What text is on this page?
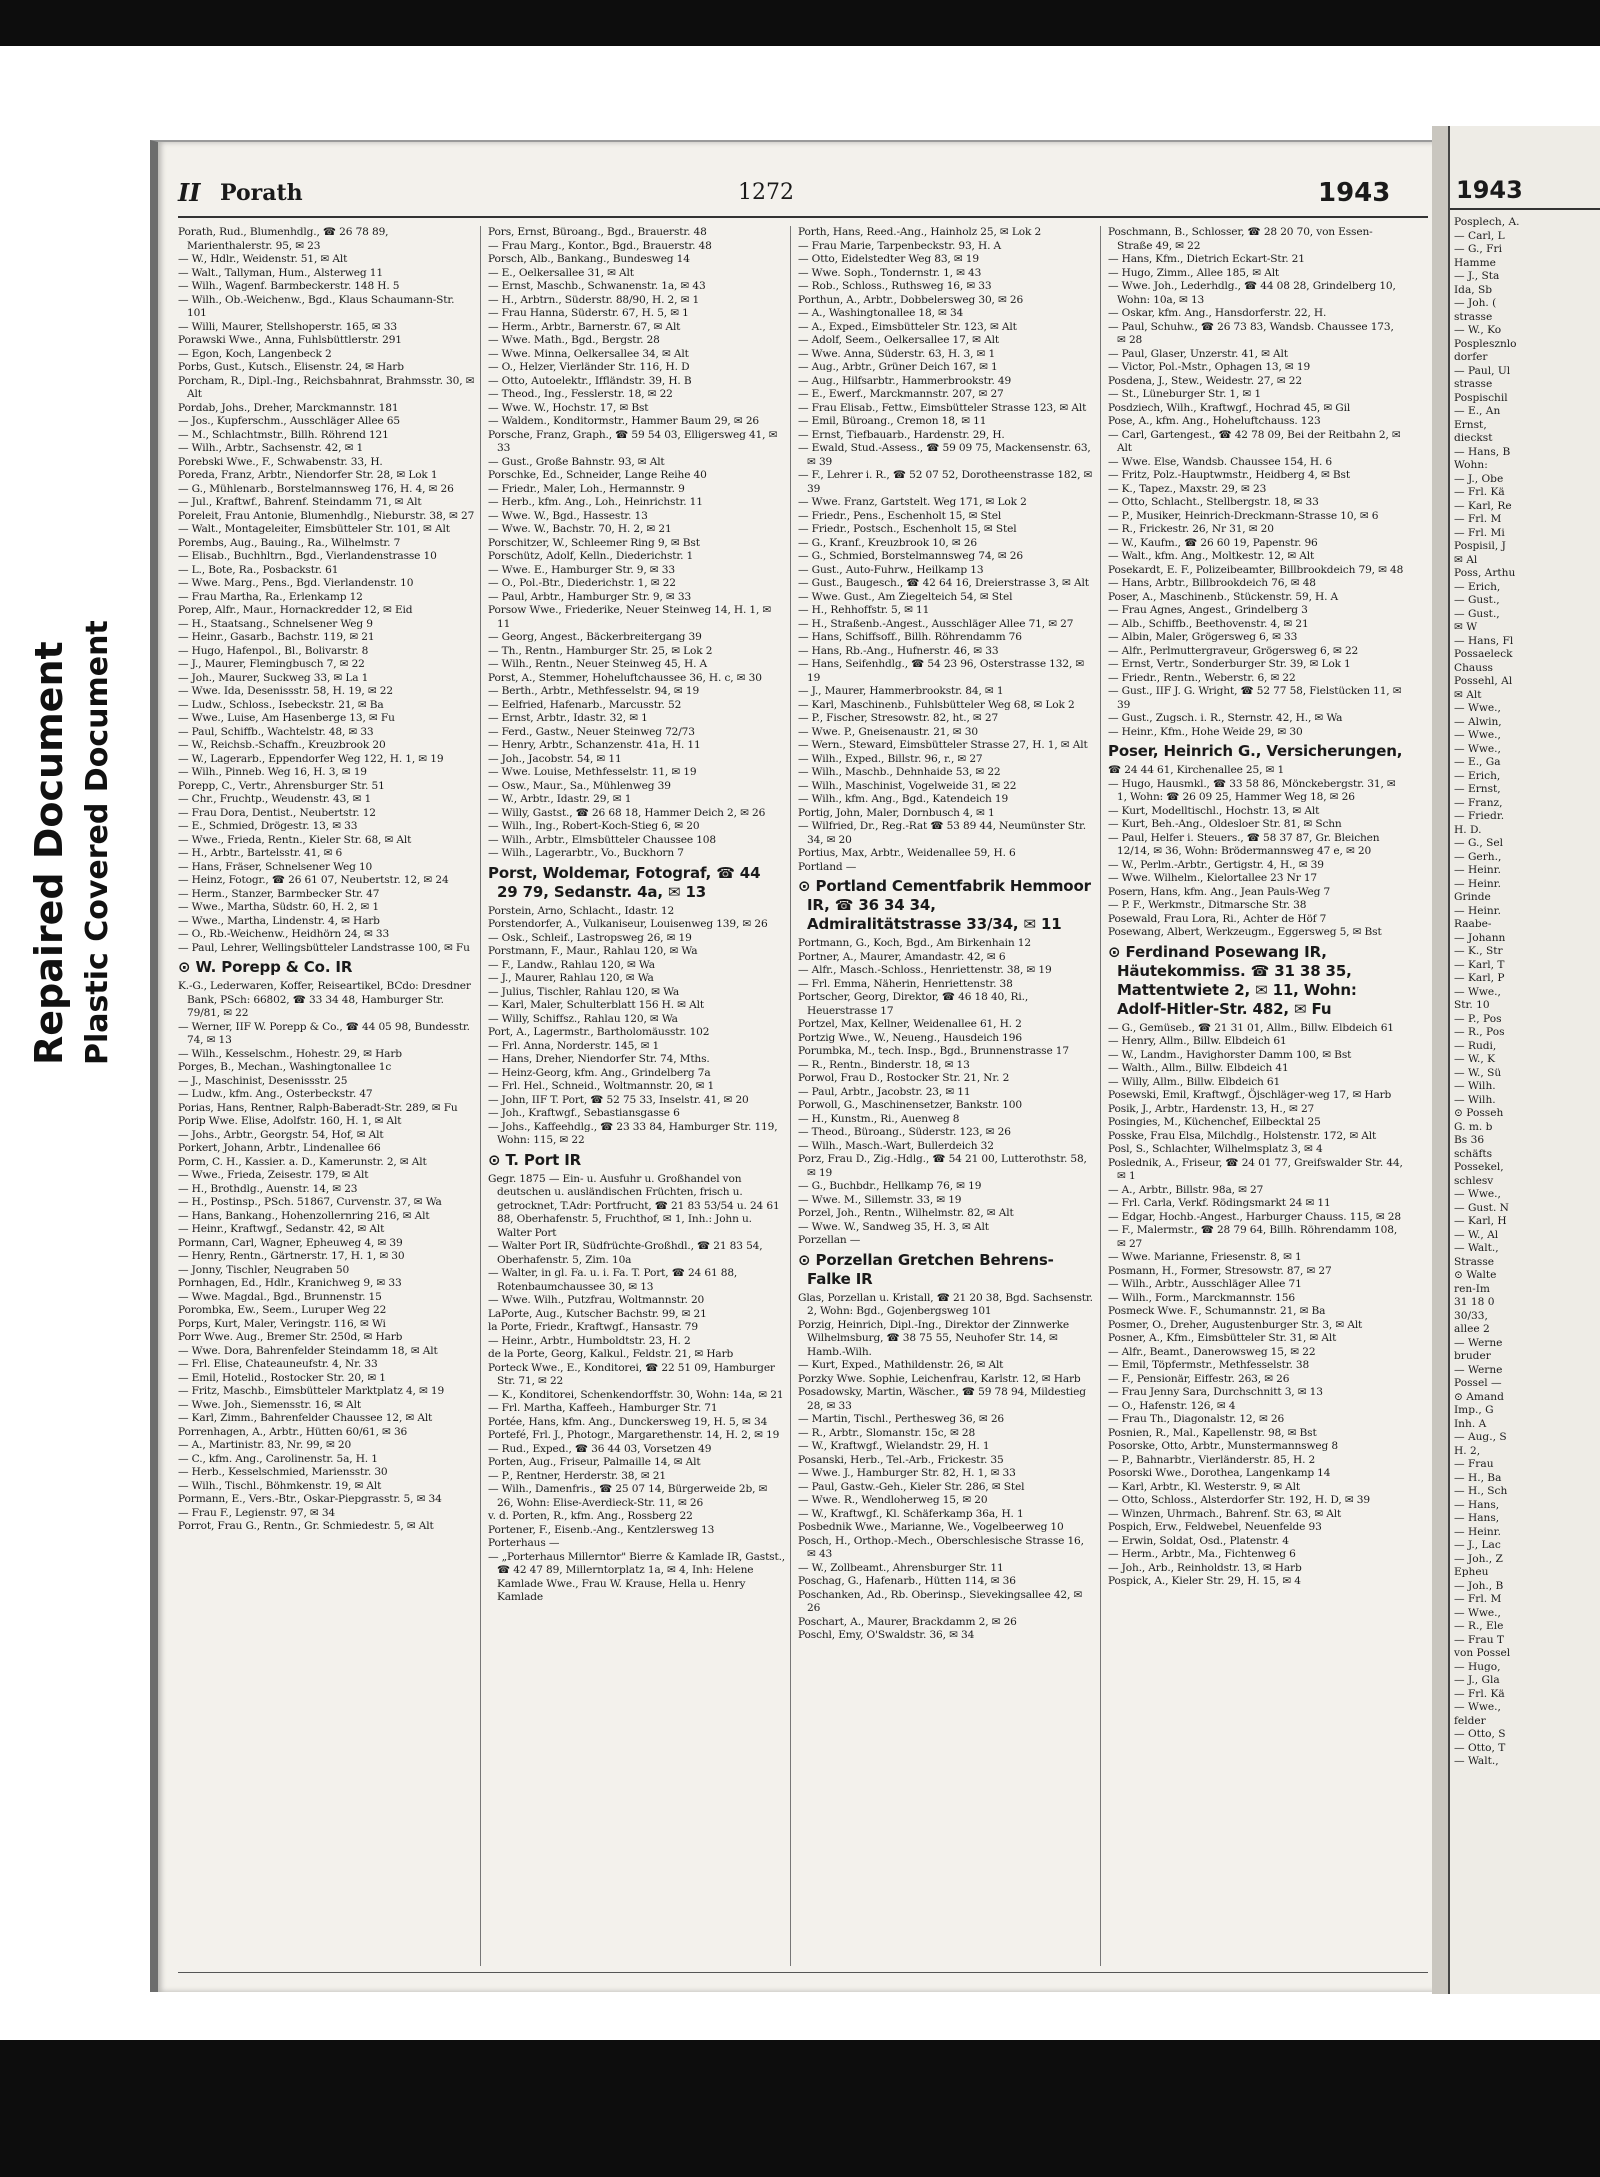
Repaired Document Plastic Covered Document
II Porath	1272	1943

Porath, Rud., Blumenhdlg., ☎ 26 78 89, Marienthalerstr. 95, ✉ 23

— W., Hdlr., Weidenstr. 51, ✉ Alt

— Walt., Tallyman, Hum., Alsterweg 11

— Wilh., Wagenf. Barmbeckerstr. 148 H. 5

— Wilh., Ob.-Weichenw., Bgd., Klaus Schaumann-Str. 101

— Willi, Maurer, Stellshoperstr. 165, ✉ 33

Porawski Wwe., Anna, Fuhlsbüttlerstr. 291

— Egon, Koch, Langenbeck 2

Porbs, Gust., Kutsch., Elisenstr. 24, ✉ Harb

Porcham, R., Dipl.-Ing., Reichsbahnrat, Brahmsstr. 30, ✉ Alt

Pordab, Johs., Dreher, Marckmannstr. 181

— Jos., Kupferschm., Ausschläger Allee 65

— M., Schlachtmstr., Billh. Röhrend 121

— Wilh., Arbtr., Sachsenstr. 42, ✉ 1

Porebski Wwe., F., Schwabenstr. 33, H.

Poreda, Franz, Arbtr., Niendorfer Str. 28, ✉ Lok 1

— G., Mühlenarb., Borstelmannsweg 176, H. 4, ✉ 26

— Jul., Kraftwf., Bahrenf. Steindamm 71, ✉ Alt

Poreleit, Frau Antonie, Blumenhdlg., Nieburstr. 38, ✉ 27

— Walt., Montageleiter, Eimsbütteler Str. 101, ✉ Alt

Porembs, Aug., Bauing., Ra., Wilhelmstr. 7

— Elisab., Buchhltrn., Bgd., Vierlandenstrasse 10

— L., Bote, Ra., Posbackstr. 61

— Wwe. Marg., Pens., Bgd. Vierlandenstr. 10

— Frau Martha, Ra., Erlenkamp 12

Porep, Alfr., Maur., Hornackredder 12, ✉ Eid

— H., Staatsang., Schnelsener Weg 9

— Heinr., Gasarb., Bachstr. 119, ✉ 21

— Hugo, Hafenpol., Bl., Bolivarstr. 8

— J., Maurer, Flemingbusch 7, ✉ 22

— Joh., Maurer, Suckweg 33, ✉ La 1

— Wwe. Ida, Desenissstr. 58, H. 19, ✉ 22

— Ludw., Schloss., Isebeckstr. 21, ✉ Ba

— Wwe., Luise, Am Hasenberge 13, ✉ Fu

— Paul, Schiffb., Wachtelstr. 48, ✉ 33

— W., Reichsb.-Schaffn., Kreuzbrook 20

— W., Lagerarb., Eppendorfer Weg 122, H. 1, ✉ 19

— Wilh., Pinneb. Weg 16, H. 3, ✉ 19

Porepp, C., Vertr., Ahrensburger Str. 51

— Chr., Fruchtp., Weudenstr. 43, ✉ 1

— Frau Dora, Dentist., Neubertstr. 12

— E., Schmied, Drögestr. 13, ✉ 33

— Wwe., Frieda, Rentn., Kieler Str. 68, ✉ Alt

— H., Arbtr., Bartelsstr. 41, ✉ 6

— Hans, Fräser, Schnelsener Weg 10

— Heinz, Fotogr., ☎ 26 61 07, Neubertstr. 12, ✉ 24

— Herm., Stanzer, Barmbecker Str. 47

— Wwe., Martha, Südstr. 60, H. 2, ✉ 1

— Wwe., Martha, Lindenstr. 4, ✉ Harb

— O., Rb.-Weichenw., Heidhörn 24, ✉ 33

— Paul, Lehrer, Wellingsbütteler Landstrasse 100, ✉ Fu

⊙ W. Porepp & Co. IR

K.-G., Lederwaren, Koffer, Reiseartikel, BCdo: Dresdner Bank, PSch: 66802, ☎ 33 34 48, Hamburger Str. 79/81, ✉ 22

— Werner, IIF W. Porepp & Co., ☎ 44 05 98, Bundesstr. 74, ✉ 13

— Wilh., Kesselschm., Hohestr. 29, ✉ Harb

Porges, B., Mechan., Washingtonallee 1c

— J., Maschinist, Desenissstr. 25

— Ludw., kfm. Ang., Osterbeckstr. 47

Porias, Hans, Rentner, Ralph-Baberadt-Str. 289, ✉ Fu

Porip Wwe. Elise, Adolfstr. 160, H. 1, ✉ Alt

— Johs., Arbtr., Georgstr. 54, Hof, ✉ Alt

Porkert, Johann, Arbtr., Lindenallee 66

Porm, C. H., Kassier. a. D., Kamerunstr. 2, ✉ Alt

— Wwe., Frieda, Zeisestr. 179, ✉ Alt

— H., Brothdlg., Auenstr. 14, ✉ 23

— H., Postinsp., PSch. 51867, Curvenstr. 37, ✉ Wa

— Hans, Bankang., Hohenzollernring 216, ✉ Alt

— Heinr., Kraftwgf., Sedanstr. 42, ✉ Alt

Pormann, Carl, Wagner, Epheuweg 4, ✉ 39

— Henry, Rentn., Gärtnerstr. 17, H. 1, ✉ 30

— Jonny, Tischler, Neugraben 50

Pornhagen, Ed., Hdlr., Kranichweg 9, ✉ 33

— Wwe. Magdal., Bgd., Brunnenstr. 15

Porombka, Ew., Seem., Luruper Weg 22

Porps, Kurt, Maler, Veringstr. 116, ✉ Wi

Porr Wwe. Aug., Bremer Str. 250d, ✉ Harb

— Wwe. Dora, Bahrenfelder Steindamm 18, ✉ Alt

— Frl. Elise, Chateauneufstr. 4, Nr. 33

— Emil, Hotelid., Rostocker Str. 20, ✉ 1

— Fritz, Maschb., Eimsbütteler Marktplatz 4, ✉ 19

— Wwe. Joh., Siemensstr. 16, ✉ Alt

— Karl, Zimm., Bahrenfelder Chaussee 12, ✉ Alt

Porrenhagen, A., Arbtr., Hütten 60/61, ✉ 36

— A., Martinistr. 83, Nr. 99, ✉ 20

— C., kfm. Ang., Carolinenstr. 5a, H. 1

— Herb., Kesselschmied, Mariensstr. 30

— Wilh., Tischl., Böhmkenstr. 19, ✉ Alt

Pormann, E., Vers.-Btr., Oskar-Piepgrasstr. 5, ✉ 34

— Frau F., Legienstr. 97, ✉ 34

Porrot, Frau G., Rentn., Gr. Schmiedestr. 5, ✉ Alt

Pors, Ernst, Büroang., Bgd., Brauerstr. 48

— Frau Marg., Kontor., Bgd., Brauerstr. 48

Porsch, Alb., Bankang., Bundesweg 14

— E., Oelkersallee 31, ✉ Alt

— Ernst, Maschb., Schwanenstr. 1a, ✉ 43

— H., Arbtrn., Süderstr. 88/90, H. 2, ✉ 1

— Frau Hanna, Süderstr. 67, H. 5, ✉ 1

— Herm., Arbtr., Barnerstr. 67, ✉ Alt

— Wwe. Math., Bgd., Bergstr. 28

— Wwe. Minna, Oelkersallee 34, ✉ Alt

— O., Helzer, Vierländer Str. 116, H. D

— Otto, Autoelektr., Iffländstr. 39, H. B

— Theod., Ing., Fesslerstr. 18, ✉ 22

— Wwe. W., Hochstr. 17, ✉ Bst

— Waldem., Konditormstr., Hammer Baum 29, ✉ 26

Porsche, Franz, Graph., ☎ 59 54 03, Elligersweg 41, ✉ 33

— Gust., Große Bahnstr. 93, ✉ Alt

Porschke, Ed., Schneider, Lange Reihe 40

— Friedr., Maler, Loh., Hermannstr. 9

— Herb., kfm. Ang., Loh., Heinrichstr. 11

— Wwe. W., Bgd., Hassestr. 13

— Wwe. W., Bachstr. 70, H. 2, ✉ 21

Porschitzer, W., Schleemer Ring 9, ✉ Bst

Porschütz, Adolf, Kelln., Diederichstr. 1

— Wwe. E., Hamburger Str. 9, ✉ 33

— O., Pol.-Btr., Diederichstr. 1, ✉ 22

— Paul, Arbtr., Hamburger Str. 9, ✉ 33

Porsow Wwe., Friederike, Neuer Steinweg 14, H. 1, ✉ 11

— Georg, Angest., Bäckerbreitergang 39

— Th., Rentn., Hamburger Str. 25, ✉ Lok 2

— Wilh., Rentn., Neuer Steinweg 45, H. A

Porst, A., Stemmer, Hoheluftchaussee 36, H. c, ✉ 30

— Berth., Arbtr., Methfesselstr. 94, ✉ 19

— Eelfried, Hafenarb., Marcusstr. 52

— Ernst, Arbtr., Idastr. 32, ✉ 1

— Ferd., Gastw., Neuer Steinweg 72/73

— Henry, Arbtr., Schanzenstr. 41a, H. 11

— Joh., Jacobstr. 54, ✉ 11

— Wwe. Louise, Methfesselstr. 11, ✉ 19

— Osw., Maur., Sa., Mühlenweg 39

— W., Arbtr., Idastr. 29, ✉ 1

— Willy, Gastst., ☎ 26 68 18, Hammer Deich 2, ✉ 26

— Wilh., Ing., Robert-Koch-Stieg 6, ✉ 20

— Wilh., Arbtr., Elmsbütteler Chaussee 108

— Wilh., Lagerarbtr., Vo., Buckhorn 7

Porst, Woldemar, Fotograf, ☎ 44 29 79, Sedanstr. 4a, ✉ 13

Porstein, Arno, Schlacht., Idastr. 12

Porstendorfer, A., Vulkaniseur, Louisenweg 139, ✉ 26

— Osk., Schleif., Lastropsweg 26, ✉ 19

Porstmann, F., Maur., Rahlau 120, ✉ Wa

— F., Landw., Rahlau 120, ✉ Wa

— J., Maurer, Rahlau 120, ✉ Wa

— Julius, Tischler, Rahlau 120, ✉ Wa

— Karl, Maler, Schulterblatt 156 H. ✉ Alt

— Willy, Schiffsz., Rahlau 120, ✉ Wa

Port, A., Lagermstr., Bartholomäusstr. 102

— Frl. Anna, Norderstr. 145, ✉ 1

— Hans, Dreher, Niendorfer Str. 74, Mths.

— Heinz-Georg, kfm. Ang., Grindelberg 7a

— Frl. Hel., Schneid., Woltmannstr. 20, ✉ 1

— John, IIF T. Port, ☎ 52 75 33, Inselstr. 41, ✉ 20

— Joh., Kraftwgf., Sebastiansgasse 6

— Johs., Kaffeehdlg., ☎ 23 33 84, Hamburger Str. 119, Wohn: 115, ✉ 22

⊙ T. Port IR

Gegr. 1875 — Ein- u. Ausfuhr u. Großhandel von deutschen u. ausländischen Früchten, frisch u. getrocknet, T.Adr: Portfrucht, ☎ 21 83 53/54 u. 24 61 88, Oberhafenstr. 5, Fruchthof, ✉ 1, Inh.: John u. Walter Port

— Walter Port IR, Südfrüchte-Großhdl., ☎ 21 83 54, Oberhafenstr. 5, Zim. 10a

— Walter, in gl. Fa. u. i. Fa. T. Port, ☎ 24 61 88, Rotenbaumchaussee 30, ✉ 13

— Wwe. Wilh., Putzfrau, Woltmannstr. 20

LaPorte, Aug., Kutscher Bachstr. 99, ✉ 21

la Porte, Friedr., Kraftwgf., Hansastr. 79

— Heinr., Arbtr., Humboldtstr. 23, H. 2

de la Porte, Georg, Kalkul., Feldstr. 21, ✉ Harb

Porteck Wwe., E., Konditorei, ☎ 22 51 09, Hamburger Str. 71, ✉ 22

— K., Konditorei, Schenkendorffstr. 30, Wohn: 14a, ✉ 21

— Frl. Martha, Kaffeeh., Hamburger Str. 71

Portée, Hans, kfm. Ang., Dunckersweg 19, H. 5, ✉ 34

Portefé, Frl. J., Photogr., Margarethenstr. 14, H. 2, ✉ 19

— Rud., Exped., ☎ 36 44 03, Vorsetzen 49

Porten, Aug., Friseur, Palmaille 14, ✉ Alt

— P., Rentner, Herderstr. 38, ✉ 21

— Wilh., Damenfris., ☎ 25 07 14, Bürgerweide 2b, ✉ 26, Wohn: Elise-Averdieck-Str. 11, ✉ 26

v. d. Porten, R., kfm. Ang., Rossberg 22

Portener, F., Eisenb.-Ang., Kentzlersweg 13

Porterhaus —

— „Porterhaus Millerntor" Bierre & Kamlade IR, Gastst., ☎ 42 47 89, Millerntorplatz 1a, ✉ 4, Inh: Helene Kamlade Wwe., Frau W. Krause, Hella u. Henry Kamlade

Porth, Hans, Reed.-Ang., Hainholz 25, ✉ Lok 2

— Frau Marie, Tarpenbeckstr. 93, H. A

— Otto, Eidelstedter Weg 83, ✉ 19

— Wwe. Soph., Tondernstr. 1, ✉ 43

— Rob., Schloss., Ruthsweg 16, ✉ 33

Porthun, A., Arbtr., Dobbelersweg 30, ✉ 26

— A., Washingtonallee 18, ✉ 34

— A., Exped., Eimsbütteler Str. 123, ✉ Alt

— Adolf, Seem., Oelkersallee 17, ✉ Alt

— Wwe. Anna, Süderstr. 63, H. 3, ✉ 1

— Aug., Arbtr., Grüner Deich 167, ✉ 1

— Aug., Hilfsarbtr., Hammerbrookstr. 49

— E., Ewerf., Marckmannstr. 207, ✉ 27

— Frau Elisab., Fettw., Eimsbütteler Strasse 123, ✉ Alt

— Emil, Büroang., Cremon 18, ✉ 11

— Ernst, Tiefbauarb., Hardenstr. 29, H.

— Ewald, Stud.-Assess., ☎ 59 09 75, Mackensenstr. 63, ✉ 39

— F., Lehrer i. R., ☎ 52 07 52, Dorotheenstrasse 182, ✉ 39

— Wwe. Franz, Gartstelt. Weg 171, ✉ Lok 2

— Friedr., Pens., Eschenholt 15, ✉ Stel

— Friedr., Postsch., Eschenholt 15, ✉ Stel

— G., Kranf., Kreuzbrook 10, ✉ 26

— G., Schmied, Borstelmannsweg 74, ✉ 26

— Gust., Auto-Fuhrw., Heilkamp 13

— Gust., Baugesch., ☎ 42 64 16, Dreierstrasse 3, ✉ Alt

— Wwe. Gust., Am Ziegelteich 54, ✉ Stel

— H., Rehhoffstr. 5, ✉ 11

— H., Straßenb.-Angest., Ausschläger Allee 71, ✉ 27

— Hans, Schiffsoff., Billh. Röhrendamm 76

— Hans, Rb.-Ang., Hufnerstr. 46, ✉ 33

— Hans, Seifenhdlg., ☎ 54 23 96, Osterstrasse 132, ✉ 19

— J., Maurer, Hammerbrookstr. 84, ✉ 1

— Karl, Maschinenb., Fuhlsbütteler Weg 68, ✉ Lok 2

— P., Fischer, Stresowstr. 82, ht., ✉ 27

— Wwe. P., Gneisenaustr. 21, ✉ 30

— Wern., Steward, Eimsbütteler Strasse 27, H. 1, ✉ Alt

— Wilh., Exped., Billstr. 96, r., ✉ 27

— Wilh., Maschb., Dehnhaide 53, ✉ 22

— Wilh., Maschinist, Vogelweide 31, ✉ 22

— Wilh., kfm. Ang., Bgd., Katendeich 19

Portig, John, Maler, Dornbusch 4, ✉ 1

— Wilfried, Dr., Reg.-Rat ☎ 53 89 44, Neumünster Str. 34, ✉ 20

Portius, Max, Arbtr., Weidenallee 59, H. 6

Portland —

⊙ Portland Cementfabrik Hemmoor IR, ☎ 36 34 34, Admiralitätstrasse 33/34, ✉ 11

Portmann, G., Koch, Bgd., Am Birkenhain 12

Portner, A., Maurer, Amandastr. 42, ✉ 6

— Alfr., Masch.-Schloss., Henriettenstr. 38, ✉ 19

— Frl. Emma, Näherin, Henriettenstr. 38

Portscher, Georg, Direktor, ☎ 46 18 40, Ri., Heuerstrasse 17

Portzel, Max, Kellner, Weidenallee 61, H. 2

Portzig Wwe., W., Neueng., Hausdeich 196

Porumbka, M., tech. Insp., Bgd., Brunnenstrasse 17

— R., Rentn., Binderstr. 18, ✉ 13

Porwol, Frau D., Rostocker Str. 21, Nr. 2

— Paul, Arbtr., Jacobstr. 23, ✉ 11

Porwoll, G., Maschinensetzer, Bankstr. 100

— H., Kunstm., Ri., Auenweg 8

— Theod., Büroang., Süderstr. 123, ✉ 26

— Wilh., Masch.-Wart, Bullerdeich 32

Porz, Frau D., Zig.-Hdlg., ☎ 54 21 00, Lutterothstr. 58, ✉ 19

— G., Buchbdr., Hellkamp 76, ✉ 19

— Wwe. M., Sillemstr. 33, ✉ 19

Porzel, Joh., Rentn., Wilhelmstr. 82, ✉ Alt

— Wwe. W., Sandweg 35, H. 3, ✉ Alt

Porzellan —

⊙ Porzellan Gretchen Behrens-Falke IR

Glas, Porzellan u. Kristall, ☎ 21 20 38, Bgd. Sachsenstr. 2, Wohn: Bgd., Gojenbergsweg 101

Porzig, Heinrich, Dipl.-Ing., Direktor der Zinnwerke Wilhelmsburg, ☎ 38 75 55, Neuhofer Str. 14, ✉ Hamb.-Wilh.

— Kurt, Exped., Mathildenstr. 26, ✉ Alt

Porzky Wwe. Sophie, Leichenfrau, Karlstr. 12, ✉ Harb

Posadowsky, Martin, Wäscher., ☎ 59 78 94, Mildestieg 28, ✉ 33

— Martin, Tischl., Perthesweg 36, ✉ 26

— R., Arbtr., Slomanstr. 15c, ✉ 28

— W., Kraftwgf., Wielandstr. 29, H. 1

Posanski, Herb., Tel.-Arb., Frickestr. 35

— Wwe. J., Hamburger Str. 82, H. 1, ✉ 33

— Paul, Gastw.-Geh., Kieler Str. 286, ✉ Stel

— Wwe. R., Wendloherweg 15, ✉ 20

— W., Kraftwgf., Kl. Schäferkamp 36a, H. 1

Posbednik Wwe., Marianne, We., Vogelbeerweg 10

Posch, H., Orthop.-Mech., Oberschlesische Strasse 16, ✉ 43

— W., Zollbeamt., Ahrensburger Str. 11

Poschag, G., Hafenarb., Hütten 114, ✉ 36

Poschanken, Ad., Rb. Oberinsp., Sievekingsallee 42, ✉ 26

Poschart, A., Maurer, Brackdamm 2, ✉ 26

Poschl, Emy, O'Swaldstr. 36, ✉ 34

Poschmann, B., Schlosser, ☎ 28 20 70, von Essen-Straße 49, ✉ 22

— Hans, Kfm., Dietrich Eckart-Str. 21

— Hugo, Zimm., Allee 185, ✉ Alt

— Wwe. Joh., Lederhdlg., ☎ 44 08 28, Grindelberg 10, Wohn: 10a, ✉ 13

— Oskar, kfm. Ang., Hansdorferstr. 22, H.

— Paul, Schuhw., ☎ 26 73 83, Wandsb. Chaussee 173, ✉ 28

— Paul, Glaser, Unzerstr. 41, ✉ Alt

— Victor, Pol.-Mstr., Ophagen 13, ✉ 19

Posdena, J., Stew., Weidestr. 27, ✉ 22

— St., Lüneburger Str. 1, ✉ 1

Posdziech, Wilh., Kraftwgf., Hochrad 45, ✉ Gil

Pose, A., kfm. Ang., Hoheluftchauss. 123

— Carl, Gartengest., ☎ 42 78 09, Bei der Reitbahn 2, ✉ Alt

— Wwe. Else, Wandsb. Chaussee 154, H. 6

— Fritz, Polz.-Hauptwmstr., Heidberg 4, ✉ Bst

— K., Tapez., Maxstr. 29, ✉ 23

— Otto, Schlacht., Stellbergstr. 18, ✉ 33

— P., Musiker, Heinrich-Dreckmann-Strasse 10, ✉ 6

— R., Frickestr. 26, Nr 31, ✉ 20

— W., Kaufm., ☎ 26 60 19, Papenstr. 96

— Walt., kfm. Ang., Moltkestr. 12, ✉ Alt

Posekardt, E. F., Polizeibeamter, Billbrookdeich 79, ✉ 48

— Hans, Arbtr., Billbrookdeich 76, ✉ 48

Poser, A., Maschinenb., Stückenstr. 59, H. A

— Frau Agnes, Angest., Grindelberg 3

— Alb., Schiffb., Beethovenstr. 4, ✉ 21

— Albin, Maler, Grögersweg 6, ✉ 33

— Alfr., Perlmuttergraveur, Grögersweg 6, ✉ 22

— Ernst, Vertr., Sonderburger Str. 39, ✉ Lok 1

— Friedr., Rentn., Weberstr. 6, ✉ 22

— Gust., IIF J. G. Wright, ☎ 52 77 58, Fielstücken 11, ✉ 39

— Gust., Zugsch. i. R., Sternstr. 42, H., ✉ Wa

— Heinr., Kfm., Hohe Weide 29, ✉ 30

Poser, Heinrich G., Versicherungen,

☎ 24 44 61, Kirchenallee 25, ✉ 1

— Hugo, Hausmkl., ☎ 33 58 86, Mönckebergstr. 31, ✉ 1, Wohn: ☎ 26 09 25, Hammer Weg 18, ✉ 26

— Kurt, Modelltischl., Hochstr. 13, ✉ Alt

— Kurt, Beh.-Ang., Oldesloer Str. 81, ✉ Schn

— Paul, Helfer i. Steuers., ☎ 58 37 87, Gr. Bleichen 12/14, ✉ 36, Wohn: Brödermannsweg 47 e, ✉ 20

— W., Perlm.-Arbtr., Gertigstr. 4, H., ✉ 39

— Wwe. Wilhelm., Kielortallee 23 Nr 17

Posern, Hans, kfm. Ang., Jean Pauls-Weg 7

— P. F., Werkmstr., Ditmarsche Str. 38

Posewald, Frau Lora, Ri., Achter de Höf 7

Posewang, Albert, Werkzeugm., Eggersweg 5, ✉ Bst

⊙ Ferdinand Posewang IR, Häutekommiss. ☎ 31 38 35, Mattentwiete 2, ✉ 11, Wohn: Adolf-Hitler-Str. 482, ✉ Fu

— G., Gemüseb., ☎ 21 31 01, Allm., Billw. Elbdeich 61

— Henry, Allm., Billw. Elbdeich 61

— W., Landm., Havighorster Damm 100, ✉ Bst

— Walth., Allm., Billw. Elbdeich 41

— Willy, Allm., Billw. Elbdeich 61

Posewski, Emil, Kraftwgf., Öjschläger-weg 17, ✉ Harb

Posik, J., Arbtr., Hardenstr. 13, H., ✉ 27

Posingies, M., Küchenchef, Eilbecktal 25

Posske, Frau Elsa, Milchdlg., Holstenstr. 172, ✉ Alt

Posl, S., Schlachter, Wilhelmsplatz 3, ✉ 4

Poslednik, A., Friseur, ☎ 24 01 77, Greifswalder Str. 44, ✉ 1

— A., Arbtr., Billstr. 98a, ✉ 27

— Frl. Carla, Verkf. Rödingsmarkt 24 ✉ 11

— Edgar, Hochb.-Angest., Harburger Chauss. 115, ✉ 28

— F., Malermstr., ☎ 28 79 64, Billh. Röhrendamm 108, ✉ 27

— Wwe. Marianne, Friesenstr. 8, ✉ 1

Posmann, H., Former, Stresowstr. 87, ✉ 27

— Wilh., Arbtr., Ausschläger Allee 71

— Wilh., Form., Marckmannstr. 156

Posmeck Wwe. F., Schumannstr. 21, ✉ Ba

Posmer, O., Dreher, Augustenburger Str. 3, ✉ Alt

Posner, A., Kfm., Eimsbütteler Str. 31, ✉ Alt

— Alfr., Beamt., Danerowsweg 15, ✉ 22

— Emil, Töpfermstr., Methfesselstr. 38

— F., Pensionär, Eiffestr. 263, ✉ 26

— Frau Jenny Sara, Durchschnitt 3, ✉ 13

— O., Hafenstr. 126, ✉ 4

— Frau Th., Diagonalstr. 12, ✉ 26

Posnien, R., Mal., Kapellenstr. 98, ✉ Bst

Posorske, Otto, Arbtr., Munstermannsweg 8

— P., Bahnarbtr., Vierländerstr. 85, H. 2

Posorski Wwe., Dorothea, Langenkamp 14

— Karl, Arbtr., Kl. Westerstr. 9, ✉ Alt

— Otto, Schloss., Alsterdorfer Str. 192, H. D, ✉ 39

— Winzen, Uhrmach., Bahrenf. Str. 63, ✉ Alt

Pospich, Erw., Feldwebel, Neuenfelde 93

— Erwin, Soldat, Osd., Platenstr. 4

— Herm., Arbtr., Ma., Fichtenweg 6

— Joh., Arb., Reinholdstr. 13, ✉ Harb

Pospick, A., Kieler Str. 29, H. 15, ✉ 4

1943
Posplech, A.
— Carl, L
— G., Fri
Hamme
— J., Sta
Ida, Sb
— Joh. (
strasse
— W., Ko
Posplesznlo
dorfer
— Paul, Ul
strasse
Pospischil
— E., An
Ernst,
dieckst
— Hans, B
Wohn:
— J., Obe
— Frl. Kä
— Karl, Re
— Frl. M
— Frl. Mi
Pospisil, J
✉ Al
Poss, Arthu
— Erich,
— Gust.,
— Gust.,
✉ W
— Hans, Fl
Possaeleck
Chauss
Possehl, Al
✉ Alt
— Wwe.,
— Alwin,
— Wwe.,
— Wwe.,
— E., Ga
— Erich,
— Ernst,
— Franz,
— Friedr.
H. D.
— G., Sel
— Gerh.,
— Heinr.
— Heinr.
Grinde
— Heinr.
Raabe-
— Johann
— K., Str
— Karl, T
— Karl, P
— Wwe.,
Str. 10
— P., Pos
— R., Pos
— Rudi,
— W., K
— W., Sü
— Wilh.
— Wilh.
⊙ Posseh
G. m. b
Bs 36
schäfts
Possekel,
schlesv
— Wwe.,
— Gust. N
— Karl, H
— W., Al
— Walt.,
Strasse
⊙ Walte
ren-Im
31 18 0
30/33,
allee 2
— Werne
bruder
— Werne
Possel —
⊙ Amand
Imp., G
Inh. A
— Aug., S
H. 2,
— Frau
— H., Ba
— H., Sch
— Hans,
— Hans,
— Heinr.
— J., Lac
— Joh., Z
Epheu
— Joh., B
— Frl. M
— Wwe.,
— R., Ele
— Frau T
von Possel
— Hugo,
— J., Gla
— Frl. Kä
— Wwe.,
felder
— Otto, S
— Otto, T
— Walt.,
